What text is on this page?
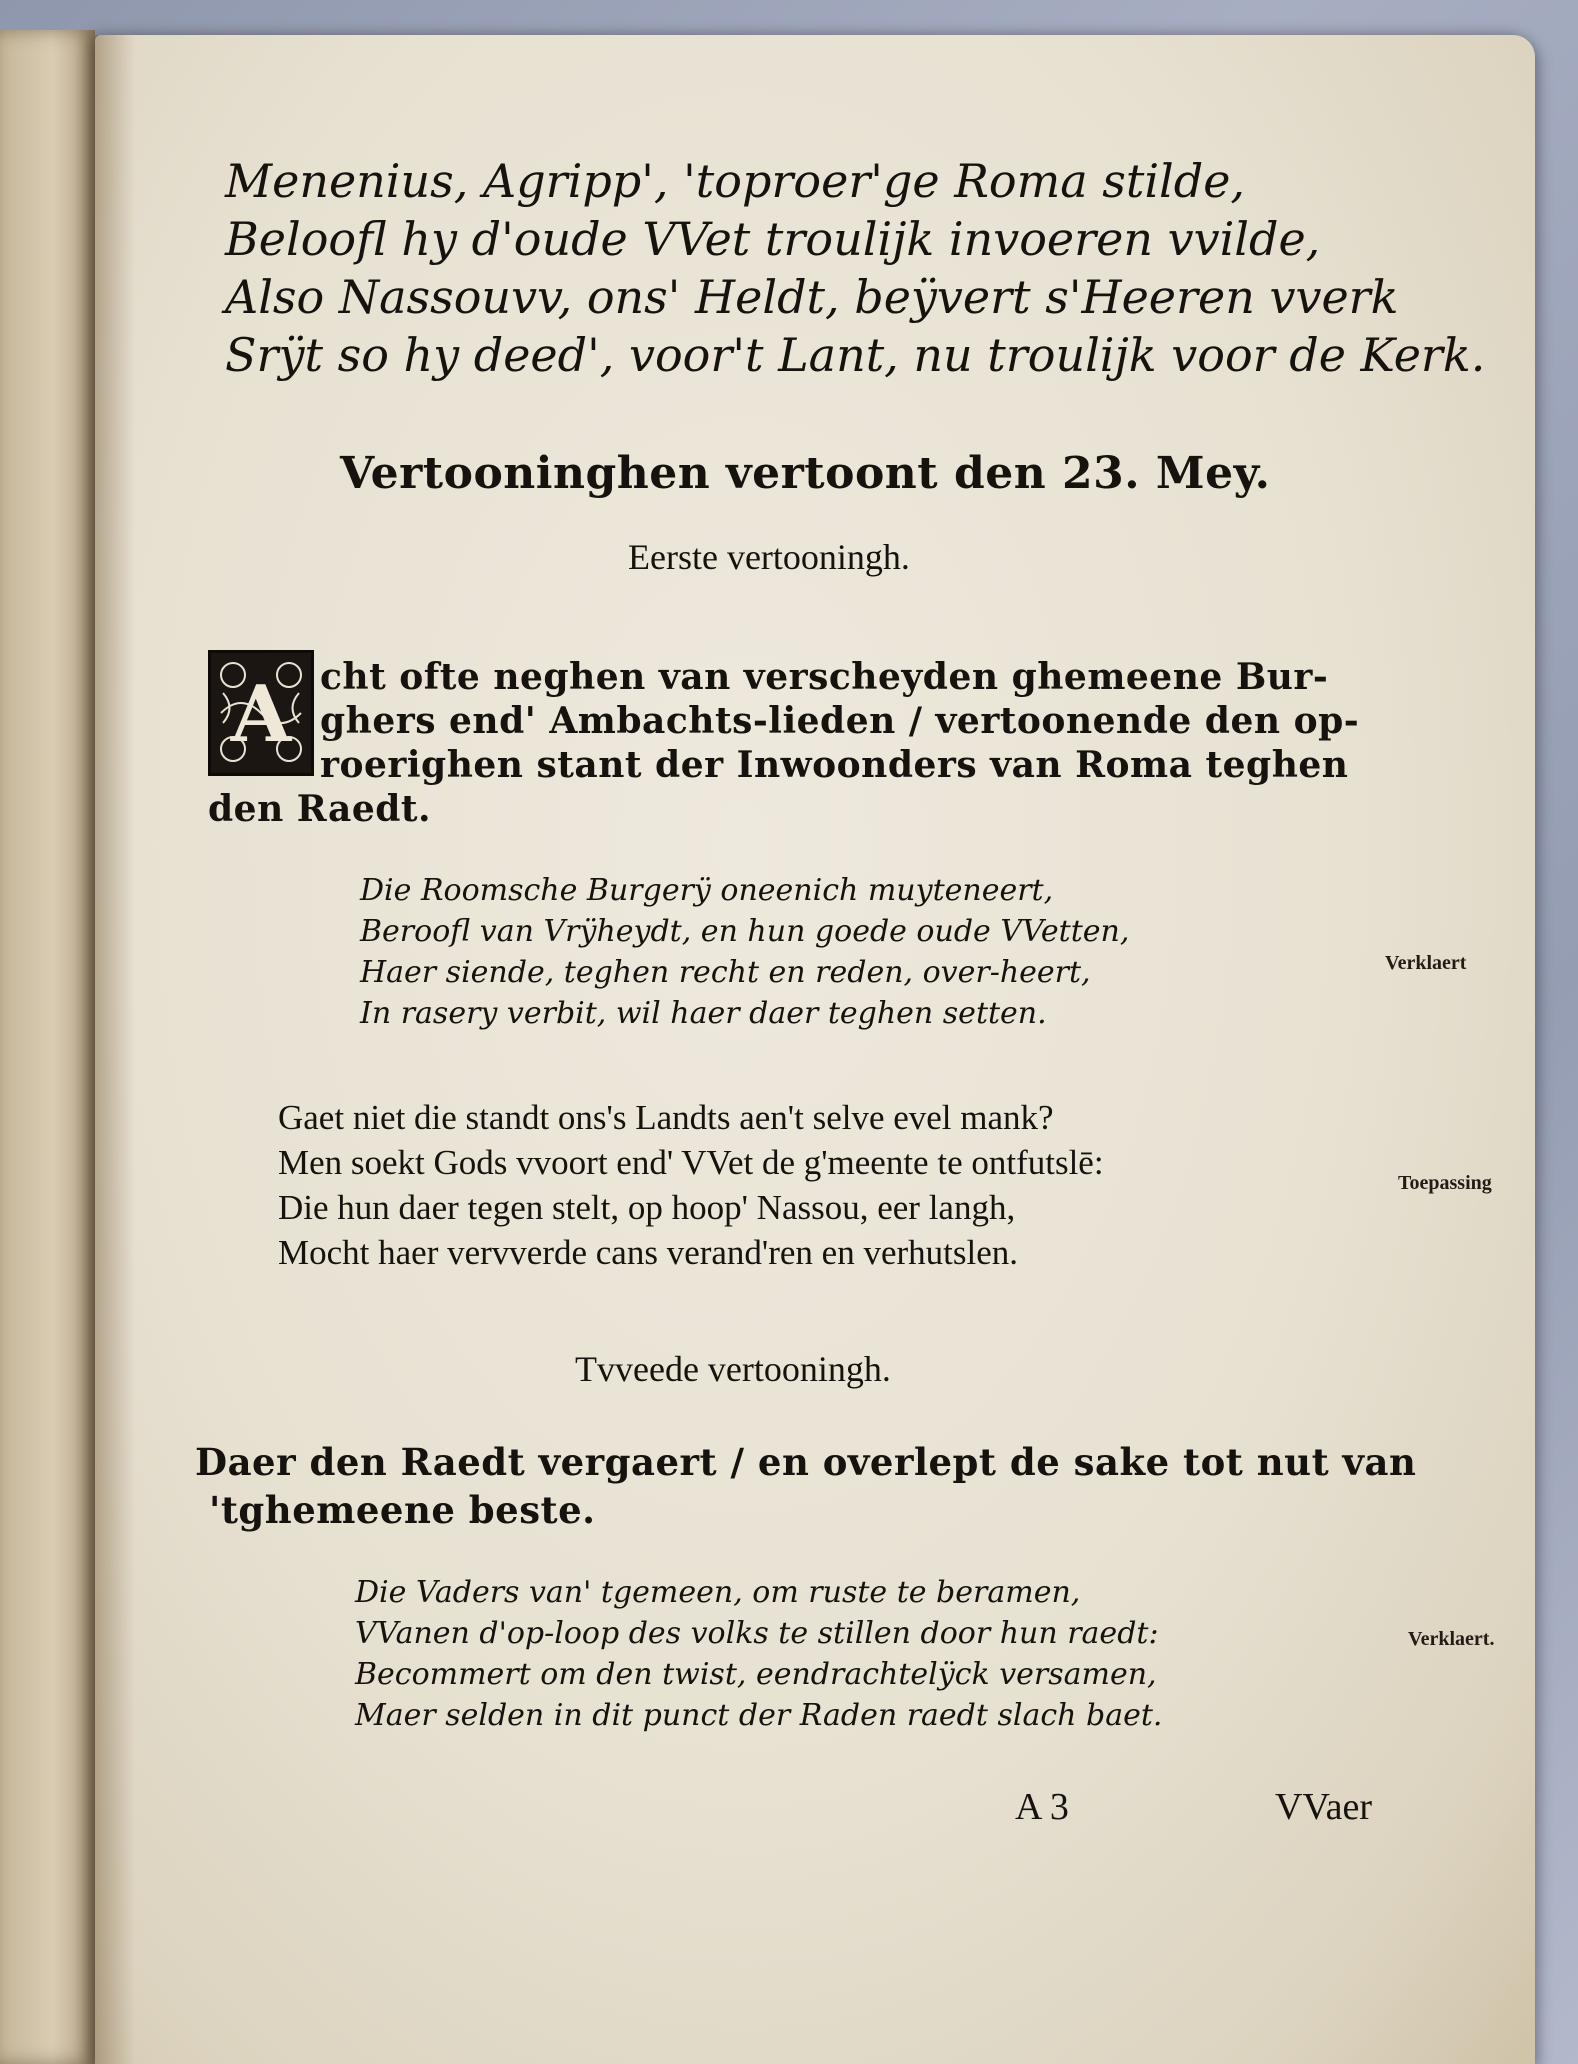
Menenius, Agripp', 'toproer'ge Roma stilde,
Beloofl hy d'oude VVet troulijk invoeren vvilde,
Also Nassouvv, ons' Heldt, beÿvert s'Heeren vverk
Srÿt so hy deed', voor't Lant, nu troulijk voor de Kerk.
Vertooninghen vertoont den 23. Mey.
Eerste vertooningh.
A cht ofte neghen van verscheyden ghemeene Bur-
ghers end' Ambachts-lieden / vertoonende den op-
roerighen stant der Inwoonders van Roma teghen
den Raedt.
Die Roomsche Burgerÿ oneenich muyteneert,
Beroofl van Vrÿheydt, en hun goede oude VVetten,
Haer siende, teghen recht en reden, over-heert,
In rasery verbit, wil haer daer teghen setten.
Verklaert
Gaet niet die standt ons's Landts aen't selve evel mank?
Men soekt Gods vvoort end' VVet de g'meente te ontfutslē:
Die hun daer tegen stelt, op hoop' Nassou, eer langh,
Mocht haer vervverde cans verand'ren en verhutslen.
Toepassing
Tvveede vertooningh.
Daer den Raedt vergaert / en overlept de sake tot nut van
'tghemeene beste.
Die Vaders van' tgemeen, om ruste te beramen,
VVanen d'op-loop des volks te stillen door hun raedt:
Becommert om den twist, eendrachtelÿck versamen,
Maer selden in dit punct der Raden raedt slach baet.
Verklaert.
A 3	VVaer
